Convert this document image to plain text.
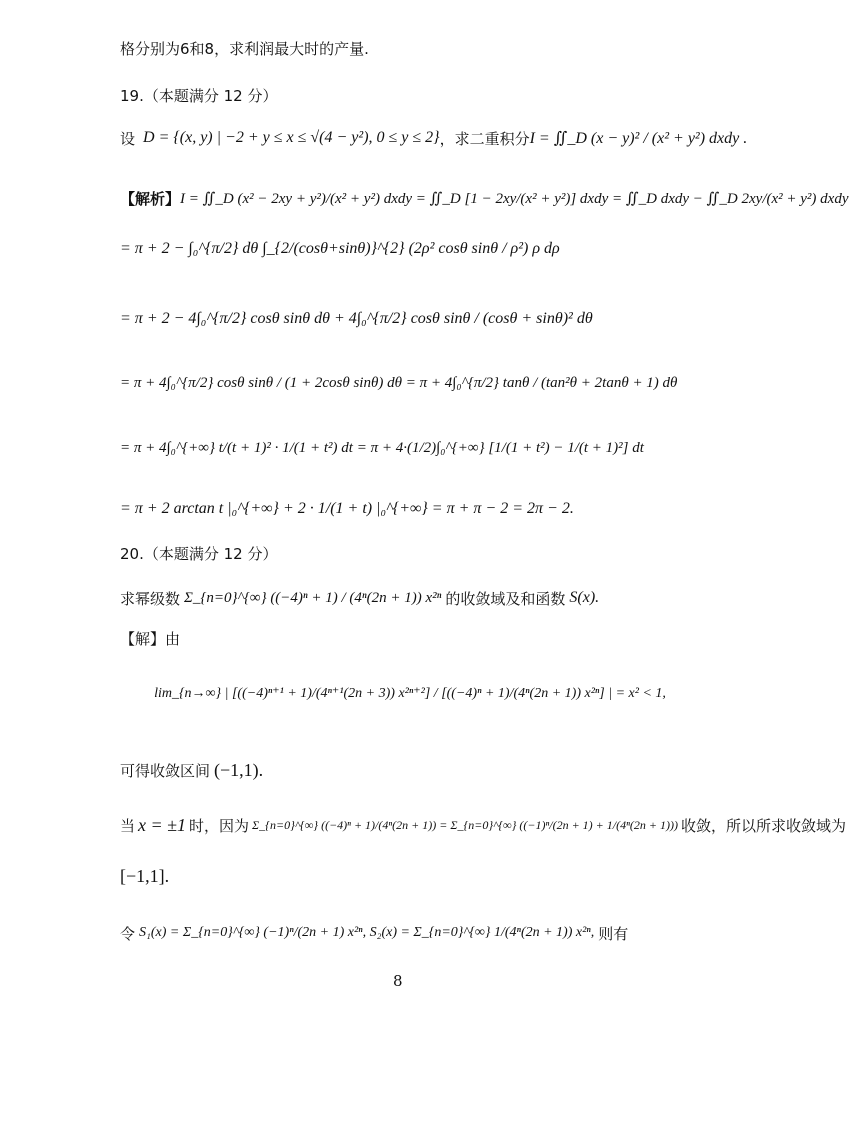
格分别为6和8，求利润最大时的产量.
19.（本题满分 12 分）
设 D = {(x, y) | −2 + y ≤ x ≤ √(4 − y²), 0 ≤ y ≤ 2} ，求二重积分 I = ∬_D (x − y)² / (x² + y²) dxdy .
【解析】 I = ∬_D (x² − 2xy + y²)/(x² + y²) dxdy = ∬_D [1 − 2xy/(x² + y²)] dxdy = ∬_D dxdy − ∬_D 2xy/(x² + y²) dxdy
= π + 2 − ∫₀^{π/2} dθ ∫_{2/(cosθ+sinθ)}^{2} (2ρ² cosθ sinθ / ρ²) ρ dρ
= π + 2 − 4∫₀^{π/2} cosθ sinθ dθ + 4∫₀^{π/2} cosθ sinθ / (cosθ + sinθ)² dθ
= π + 4∫₀^{π/2} cosθ sinθ / (1 + 2cosθ sinθ) dθ = π + 4∫₀^{π/2} tanθ / (tan²θ + 2tanθ + 1) dθ
= π + 4∫₀^{+∞} t/(t + 1)² · 1/(1 + t²) dt = π + 4·(1/2)∫₀^{+∞} [1/(1 + t²) − 1/(t + 1)²] dt
= π + 2 arctan t |₀^{+∞} + 2 · 1/(1 + t) |₀^{+∞} = π + π − 2 = 2π − 2.
20.（本题满分 12 分）
求幂级数 Σ_{n=0}^{∞} ((−4)ⁿ + 1) / (4ⁿ(2n + 1)) x²ⁿ 的收敛域及和函数 S(x).
【解】由
lim_{n→∞} | [((−4)ⁿ⁺¹ + 1)/(4ⁿ⁺¹(2n + 3)) x²ⁿ⁺²] / [((−4)ⁿ + 1)/(4ⁿ(2n + 1)) x²ⁿ] | = x² < 1,
可得收敛区间 (−1,1).
当 x = ±1 时，因为 Σ_{n=0}^{∞} ((−4)ⁿ + 1)/(4ⁿ(2n + 1)) = Σ_{n=0}^{∞} ((−1)ⁿ/(2n + 1) + 1/(4ⁿ(2n + 1))) 收敛，所以所求收敛域为
[−1,1].
令 S₁(x) = Σ_{n=0}^{∞} (−1)ⁿ/(2n + 1) x²ⁿ, S₂(x) = Σ_{n=0}^{∞} 1/(4ⁿ(2n + 1)) x²ⁿ, 则有
8
